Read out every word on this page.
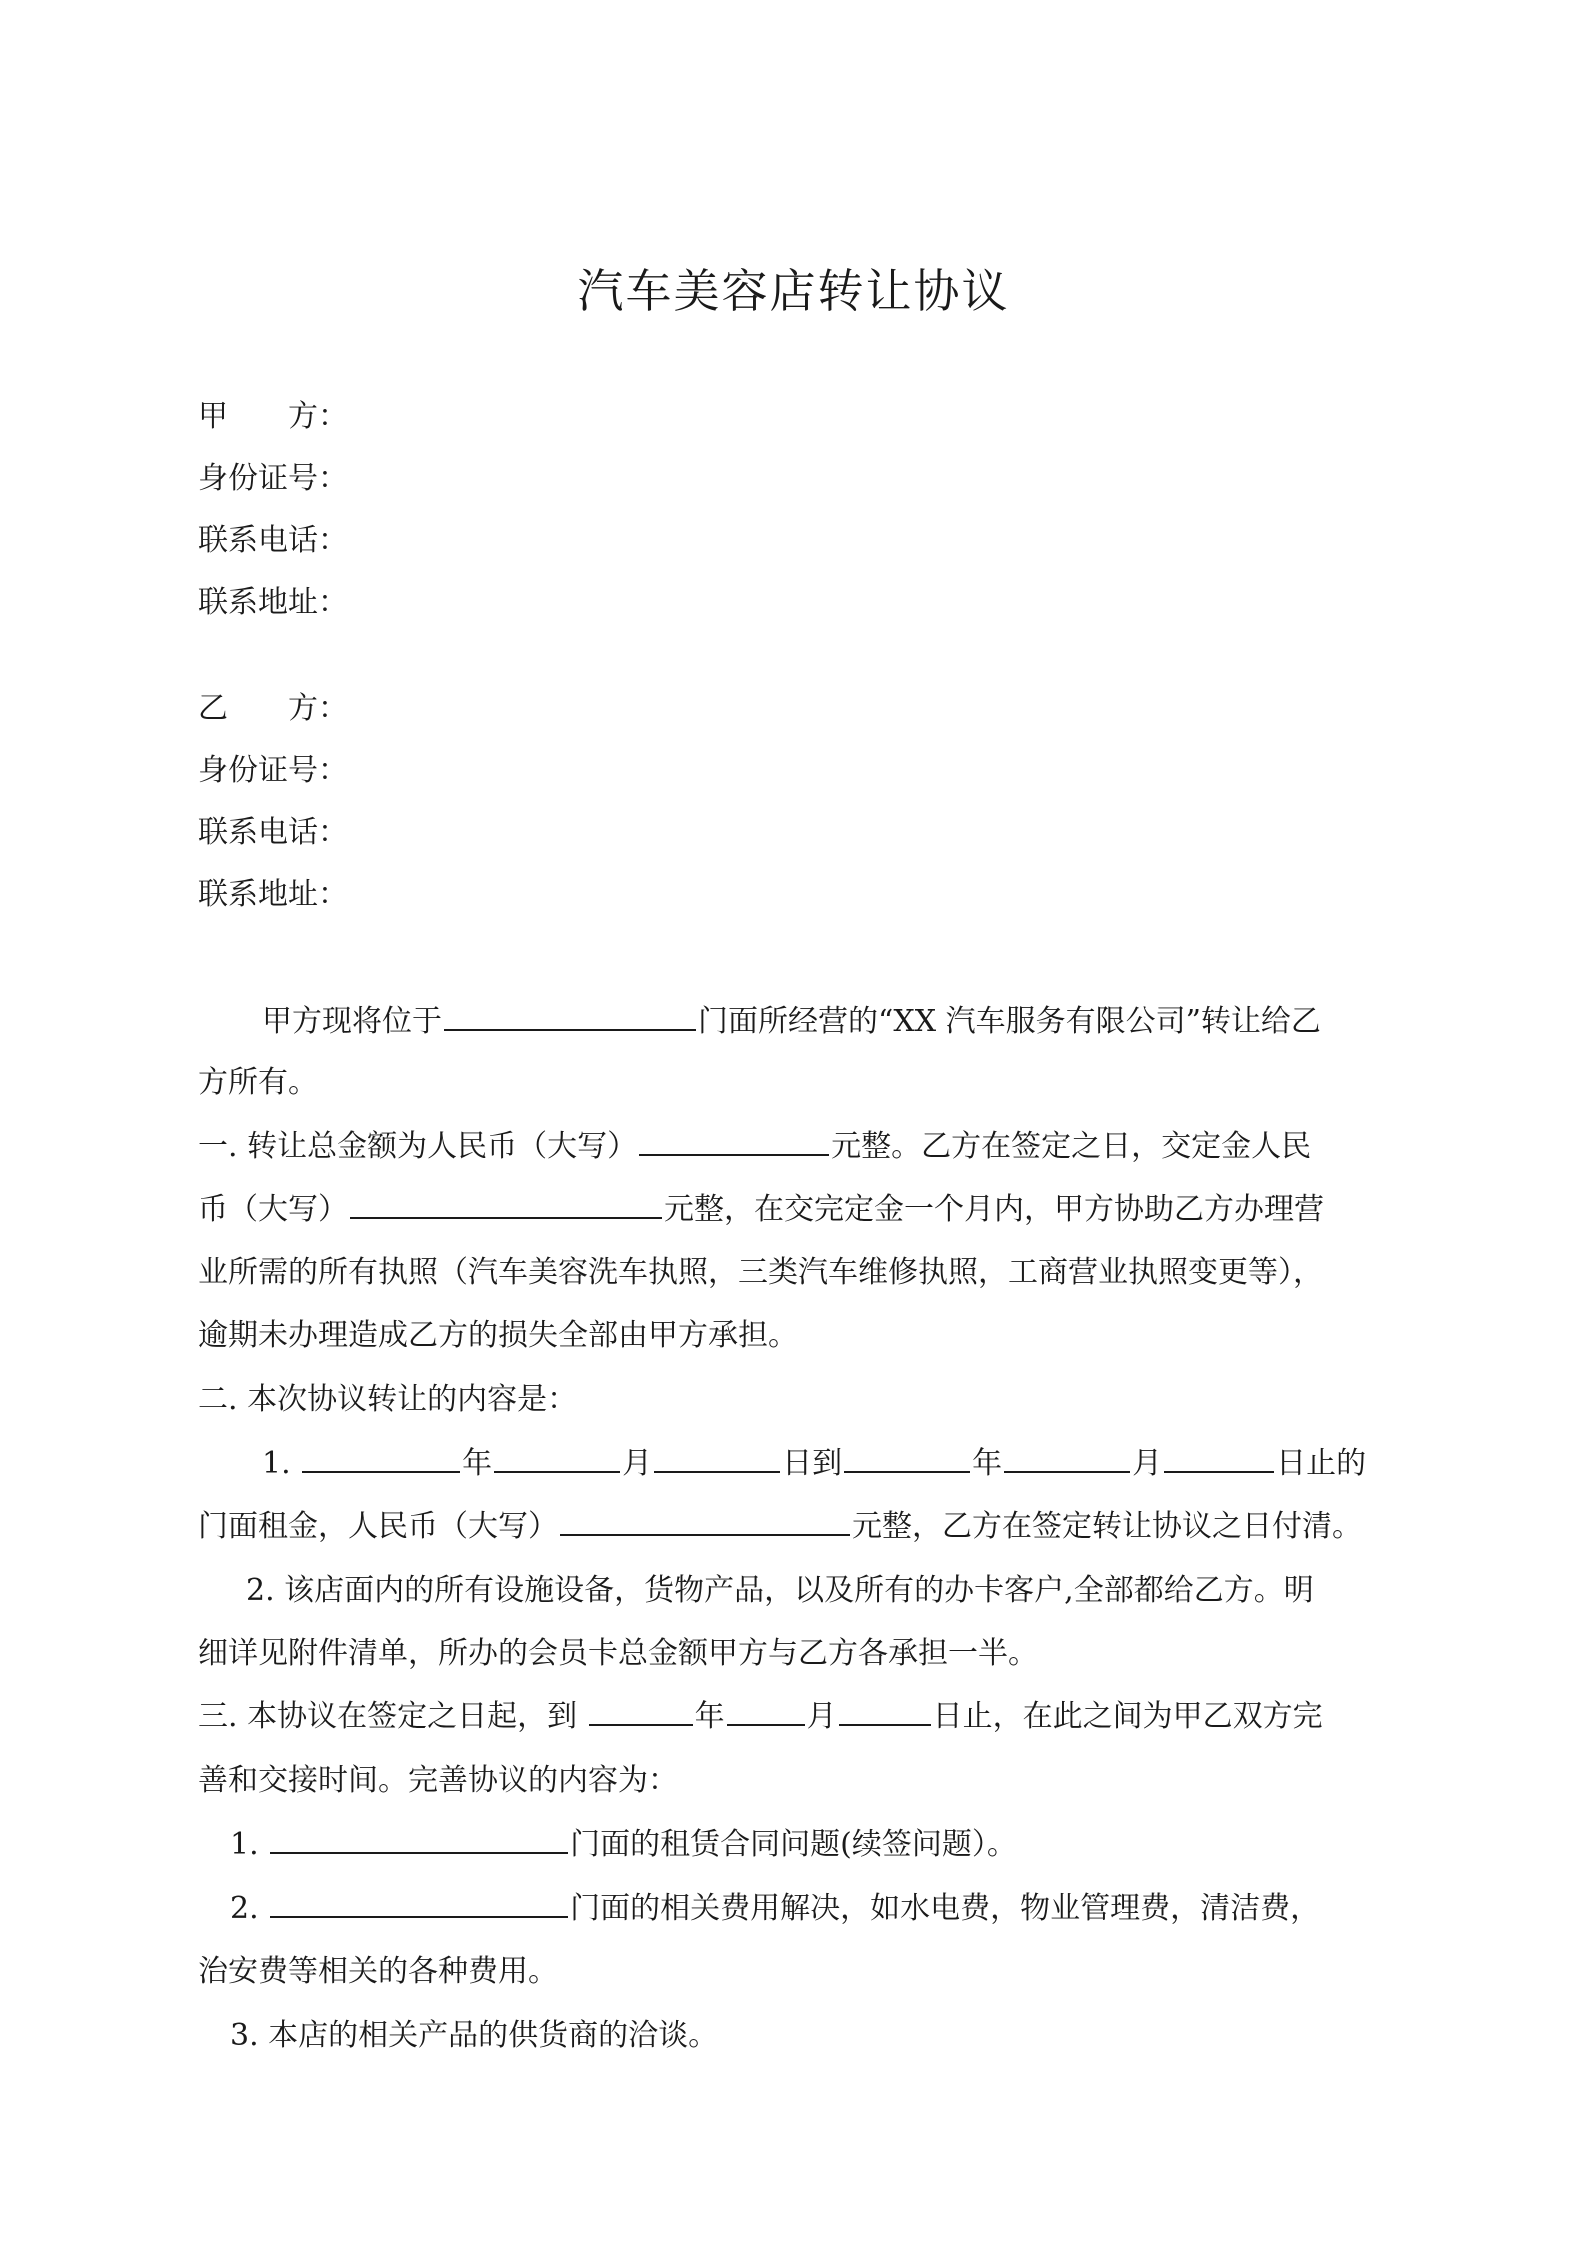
汽车美容店转让协议
甲　　方：
身份证号：
联系电话：
联系地址：
乙　　方：
身份证号：
联系电话：
联系地址：
甲方现将位于	门面所经营的“XX 汽车服务有限公司”转让给乙
方所有。
一. 转让总金额为人民币（大写）	元整。乙方在签定之日，交定金人民
币（大写）	元整，在交完定金一个月内，甲方协助乙方办理营
业所需的所有执照（汽车美容洗车执照，三类汽车维修执照，工商营业执照变更等），
逾期未办理造成乙方的损失全部由甲方承担。
二. 本次协议转让的内容是：
1.	年	月	日到	年	月	日止的
门面租金，人民币（大写）	元整，乙方在签定转让协议之日付清。
2. 该店面内的所有设施设备，货物产品，以及所有的办卡客户,全部都给乙方。明
细详见附件清单，所办的会员卡总金额甲方与乙方各承担一半。
三. 本协议在签定之日起，到	年	月	日止，在此之间为甲乙双方完
善和交接时间。完善协议的内容为：
1.	门面的租赁合同问题(续签问题）。
2.	门面的相关费用解决，如水电费，物业管理费，清洁费，
治安费等相关的各种费用。
3. 本店的相关产品的供货商的洽谈。
